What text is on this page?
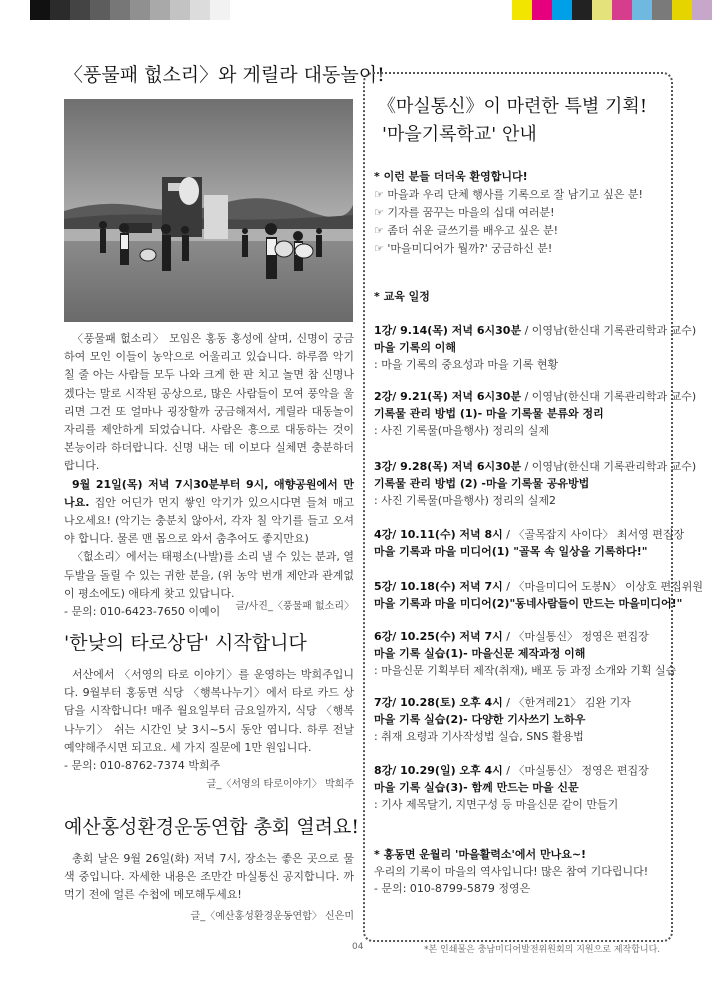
〈풍물패 헚소리〉와 게릴라 대동놀이!

〈풍물패 헚소리〉 모임은 홍동 홍성에 살며, 신명이 궁금하여 모인 이들이 농악으로 어울리고 있습니다. 하루쯤 악기 칠 줄 아는 사람들 모두 나와 크게 한 판 치고 놀면 참 신명나겠다는 말로 시작된 공상으로, 많은 사람들이 모여 풍악을 울리면 그건 또 얼마나 굉장할까 궁금해져서, 게릴라 대동놀이 자리를 제안하게 되었습니다. 사람은 흥으로 대동하는 것이 본능이라 하더랍니다. 신명 내는 데 이보다 실체면 충분하더랍니다.

9월 21일(목) 저녁 7시30분부터 9시, 애향공원에서 만나요. 집안 어딘가 먼지 쌓인 악기가 있으시다면 들쳐 매고 나오세요! (악기는 충분치 않아서, 각자 칠 악기를 들고 오셔야 합니다. 물론 맨 몸으로 와서 춤추어도 좋지만요)

〈헚소리〉에서는 태평소(나발)를 소리 낼 수 있는 분과, 열두발을 돌릴 수 있는 귀한 분을, (위 농악 번개 제안과 관계없이 평소에도) 애타게 찾고 있답니다.

- 문의: 010-6423-7650 이예이	글/사진_〈풍물패 헚소리〉
'한낮의 타로상담' 시작합니다

서산에서 〈서영의 타로 이야기〉를 운영하는 박희주입니다. 9월부터 홍동면 식당 〈행복나누기〉에서 타로 카드 상담을 시작합니다! 매주 월요일부터 금요일까지, 식당 〈행복나누기〉 쉬는 시간인 낮 3시~5시 동안 엽니다. 하루 전날 예약해주시면 되고요. 세 가지 질문에 1만 원입니다.

- 문의: 010-8762-7374 박희주

글_〈서영의 타로이야기〉 박희주
예산홍성환경운동연합 총회 열려요!

총회 날은 9월 26일(화) 저녁 7시, 장소는 좋은 곳으로 물색 중입니다. 자세한 내용은 조만간 마실통신 공지합니다. 까먹기 전에 얼른 수첩에 메모해두세요!

글_〈예산홍성환경운동연합〉 신은미
《마실통신》이 마련한 특별 기획!
'마을기록학교' 안내
* 이런 분들 더더욱 환영합니다!
☞ 마을과 우리 단체 행사를 기록으로 잘 남기고 싶은 분!
☞ 기자를 꿈꾸는 마을의 십대 여러분!
☞ 좀더 쉬운 글쓰기를 배우고 싶은 분!
☞ '마을미디어가 뭘까?' 궁금하신 분!
* 교육 일정
1강/ 9.14(목) 저녁 6시30분 / 이영남(한신대 기록관리학과 교수)
마을 기록의 이해
: 마을 기록의 중요성과 마을 기록 현황
2강/ 9.21(목) 저녁 6시30분 / 이영남(한신대 기록관리학과 교수)
기록물 관리 방법 (1)- 마을 기록물 분류와 정리
: 사진 기록물(마을행사) 정리의 실제
3강/ 9.28(목) 저녁 6시30분 / 이영남(한신대 기록관리학과 교수)
기록물 관리 방법 (2) -마을 기록물 공유방법
: 사진 기록물(마을행사) 정리의 실제2
4강/ 10.11(수) 저녁 8시 / 〈골목잡지 사이다〉 최서영 편집장
마을 기록과 마을 미디어(1) "골목 속 일상을 기록하다!"
5강/ 10.18(수) 저녁 7시 / 〈마을미디어 도봉N〉 이상호 편집위원
마을 기록과 마을 미디어(2)"동네사람들이 만드는 마을미디어!"
6강/ 10.25(수) 저녁 7시 / 〈마실통신〉 정영은 편집장
마을 기록 실습(1)- 마을신문 제작과정 이해
: 마을신문 기획부터 제작(취재), 배포 등 과정 소개와 기획 실습
7강/ 10.28(토) 오후 4시 / 〈한겨레21〉 김완 기자
마을 기록 실습(2)- 다양한 기사쓰기 노하우
: 취재 요령과 기사작성법 실습, SNS 활용법
8강/ 10.29(일) 오후 4시 / 〈마실통신〉 정영은 편집장
마을 기록 실습(3)- 함께 만드는 마을 신문
: 기사 제목달기, 지면구성 등 마을신문 같이 만들기
* 홍동면 운월리 '마을활력소'에서 만나요~!
우리의 기록이 마을의 역사입니다! 많은 참여 기다립니다!
- 문의: 010-8799-5879 정영은
04	*본 인쇄물은 충남미디어발전위원회의 지원으로 제작합니다.
